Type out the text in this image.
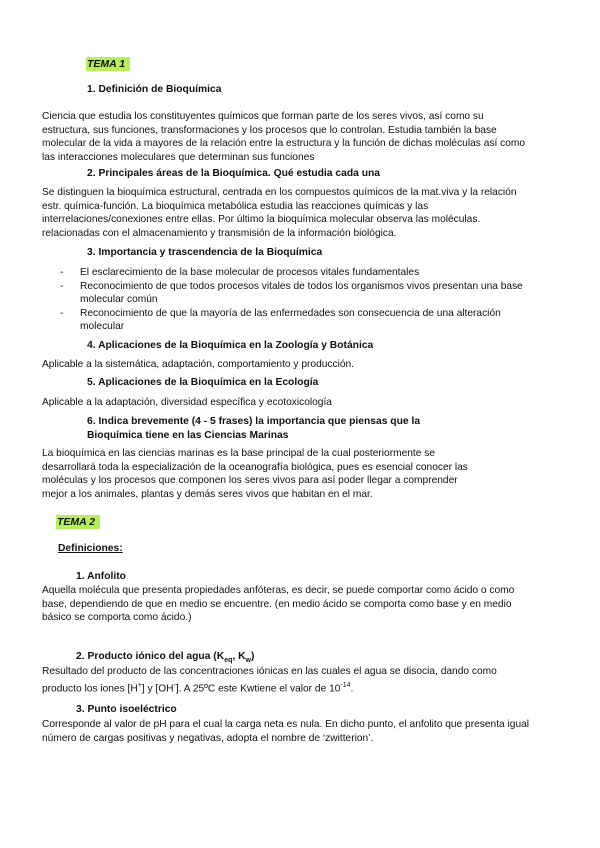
TEMA 1
1. Definición de Bioquímica
Ciencia que estudia los constituyentes químicos que forman parte de los seres vivos, así como su
estructura, sus funciones, transformaciones y los procesos que lo controlan. Estudia también la base
molecular de la vida a mayores de la relación entre la estructura y la función de dichas moléculas así como
las interacciones moleculares que determinan sus funciones
2. Principales áreas de la Bioquímica. Qué estudia cada una
Se distinguen la bioquímica estructural, centrada en los compuestos químicos de la mat.viva y la relación
estr. química-función. La bioquímica metabólica estudia las reacciones químicas y las
interrelaciones/conexiones entre ellas. Por último la bioquímica molecular observa las moléculas.
relacionadas con el almacenamiento y transmisión de la información biológica.
3. Importancia y trascendencia de la Bioquímica
- El esclarecimiento de la base molecular de procesos vitales fundamentales
- Reconocimiento de que todos procesos vitales de todos los organismos vivos presentan una base
molecular común
- Reconocimiento de que la mayoría de las enfermedades son consecuencia de una alteración
molecular
4. Aplicaciones de la Bioquímica en la Zoología y Botánica
Aplicable a la sistemática, adaptación, comportamiento y producción.
5. Aplicaciones de la Bioquímica en la Ecología
Aplicable a la adaptación, diversidad específica y ecotoxicología
6. Indica brevemente (4 - 5 frases) la importancia que piensas que la
Bioquímica tiene en las Ciencias Marinas
La bioquímica en las ciencias marinas es la base principal de la cual posteriormente se
desarrollará toda la especialización de la oceanografía biológica, pues es esencial conocer las
moléculas y los procesos que componen los seres vivos para así poder llegar a comprender
mejor a los animales, plantas y demás seres vivos que habitan en el mar.
TEMA 2
Definiciones:
1. Anfolito
Aquella molécula que presenta propiedades anfóteras, es decir, se puede comportar como ácido o como
base, dependiendo de que en medio se encuentre. (en medio ácido se comporta como base y en medio
básico se comporta como ácido.)
2. Producto iónico del agua ($K_{eq}$, $K_w$)
Resultado del producto de las concentraciones iónicas en las cuales el agua se disocia, dando como
producto los iones [H+] y [OH-]. A 25ºC este Kwtiene el valor de $10^{-14}$.
3. Punto isoeléctrico
Corresponde al valor de pH para el cual la carga neta es nula. En dicho punto, el anfolito que presenta igual
número de cargas positivas y negativas, adopta el nombre de ‘zwitterion’.
